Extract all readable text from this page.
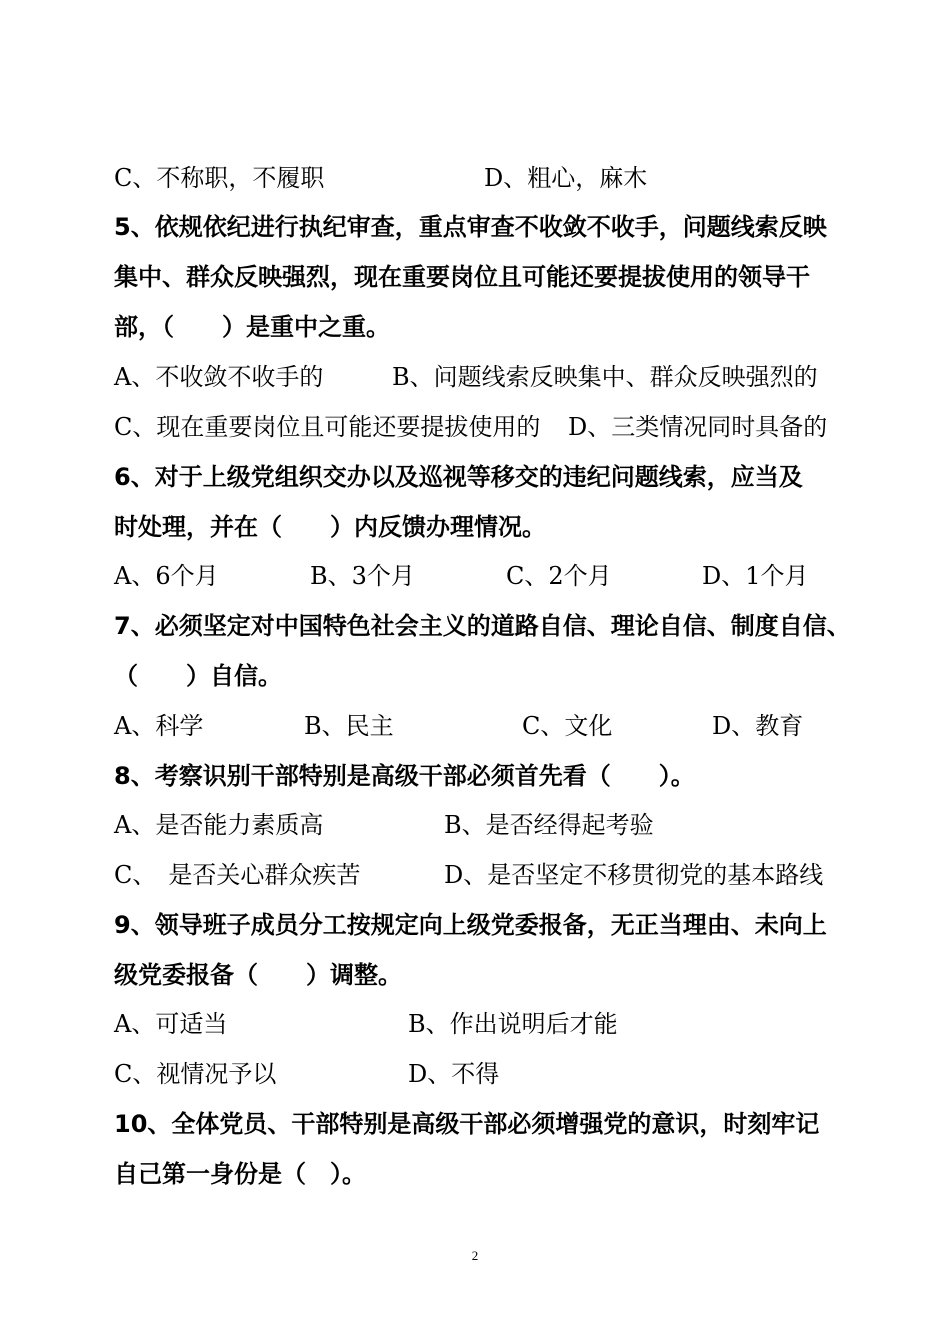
C、不称职，不履职	D、粗心，麻木
5、依规依纪进行执纪审查，重点审查不收敛不收手，问题线索反映
集中、群众反映强烈，现在重要岗位且可能还要提拔使用的领导干
部，（　　）是重中之重。
A、不收敛不收手的	B、问题线索反映集中、群众反映强烈的
C、现在重要岗位且可能还要提拔使用的 D、三类情况同时具备的
6、对于上级党组织交办以及巡视等移交的违纪问题线索，应当及
时处理，并在（　　）内反馈办理情况。
A、6个月	B、3个月	C、2个月	D、1个月
7、必须坚定对中国特色社会主义的道路自信、理论自信、制度自信、
（　　）自信。
A、科学	B、民主	C、文化	D、教育
8、考察识别干部特别是高级干部必须首先看（　　）。
A、是否能力素质高	B、是否经得起考验
C、　是否关心群众疾苦	D、是否坚定不移贯彻党的基本路线
9、领导班子成员分工按规定向上级党委报备，无正当理由、未向上
级党委报备（　　）调整。
A、可适当	B、作出说明后才能
C、视情况予以	D、不得
10、全体党员、干部特别是高级干部必须增强党的意识，时刻牢记
自己第一身份是（　）。
2
